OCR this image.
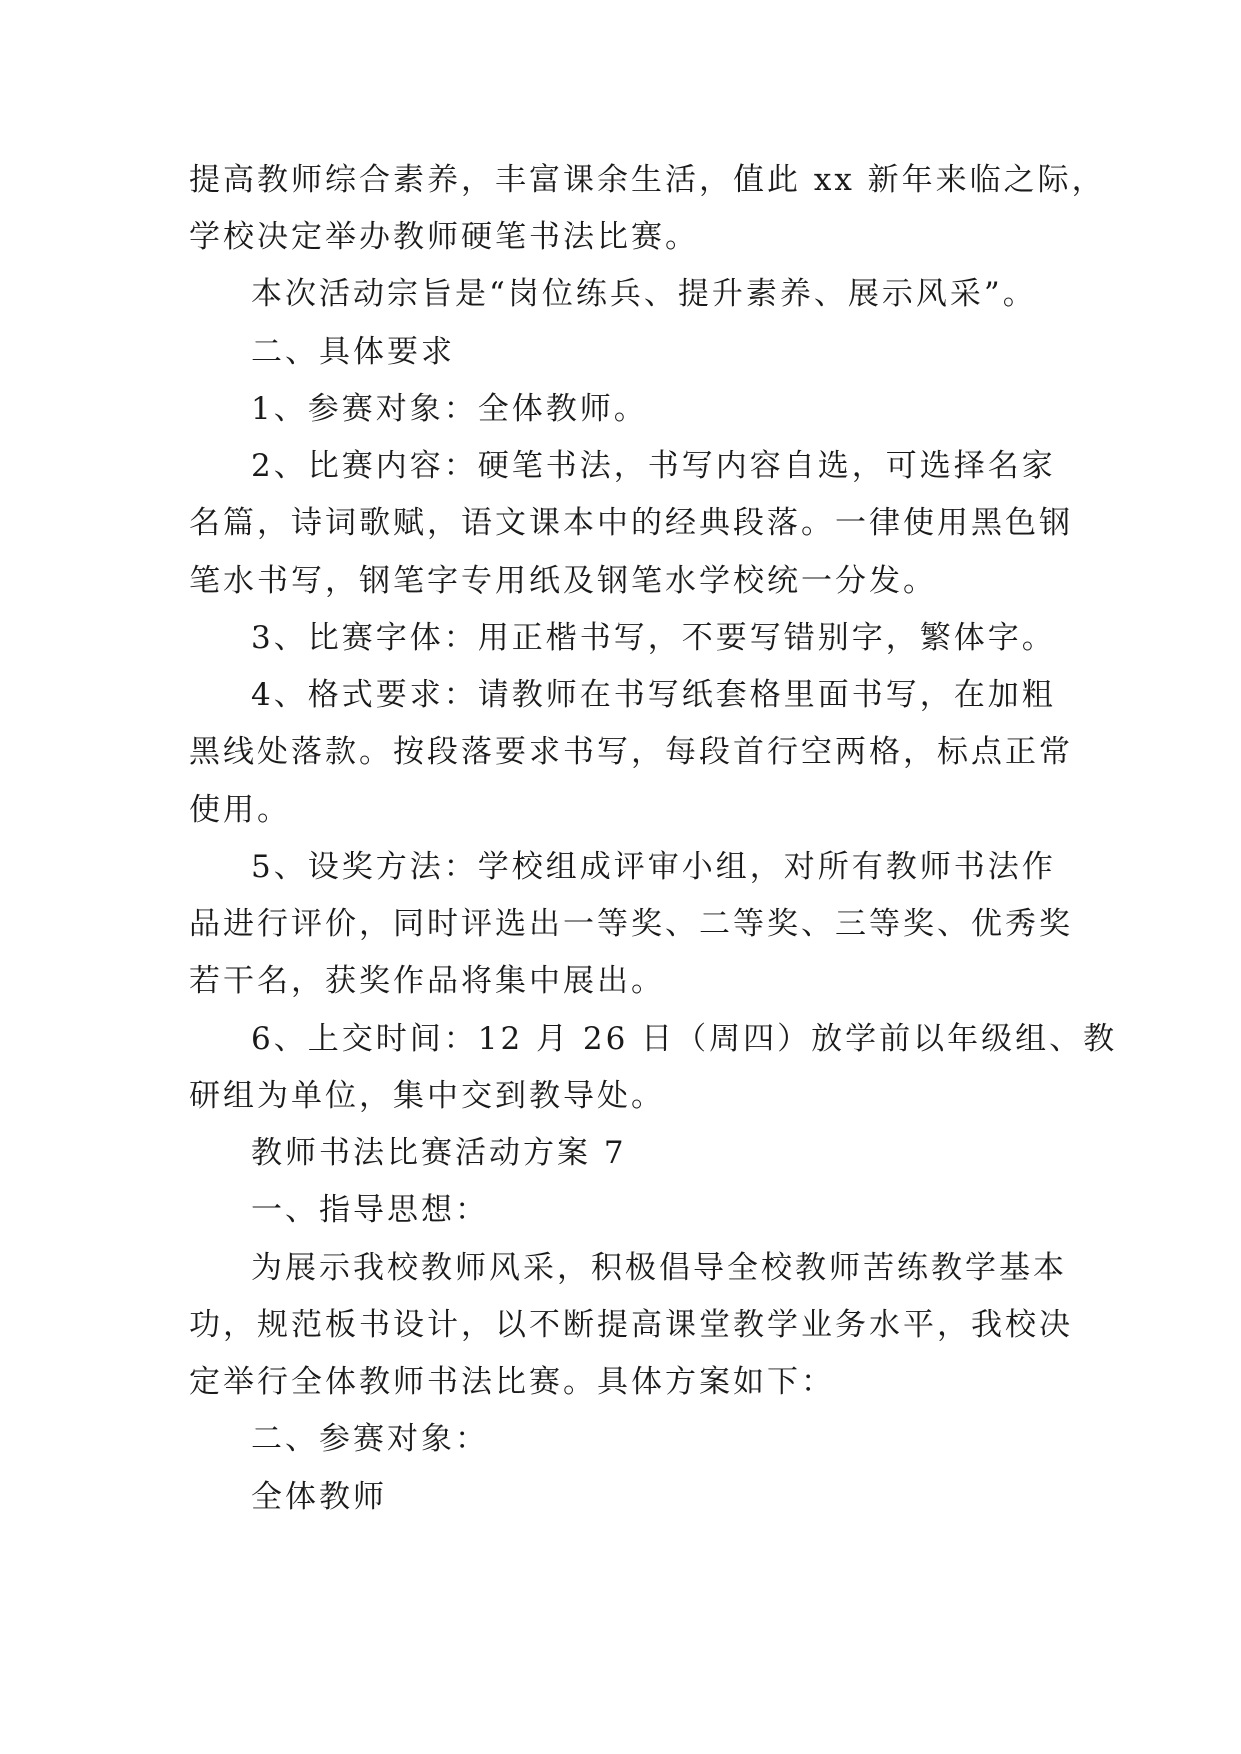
提高教师综合素养，丰富课余生活，值此 xx 新年来临之际，
学校决定举办教师硬笔书法比赛。
本次活动宗旨是“岗位练兵、提升素养、展示风采”。
二、具体要求
1、参赛对象：全体教师。
2、比赛内容：硬笔书法，书写内容自选，可选择名家
名篇，诗词歌赋，语文课本中的经典段落。一律使用黑色钢
笔水书写，钢笔字专用纸及钢笔水学校统一分发。
3、比赛字体：用正楷书写，不要写错别字，繁体字。
4、格式要求：请教师在书写纸套格里面书写，在加粗
黑线处落款。按段落要求书写，每段首行空两格，标点正常
使用。
5、设奖方法：学校组成评审小组，对所有教师书法作
品进行评价，同时评选出一等奖、二等奖、三等奖、优秀奖
若干名，获奖作品将集中展出。
6、上交时间：12 月 26 日（周四）放学前以年级组、教
研组为单位，集中交到教导处。
教师书法比赛活动方案 7
一、指导思想：
为展示我校教师风采，积极倡导全校教师苦练教学基本
功，规范板书设计，以不断提高课堂教学业务水平，我校决
定举行全体教师书法比赛。具体方案如下：
二、参赛对象：
全体教师
